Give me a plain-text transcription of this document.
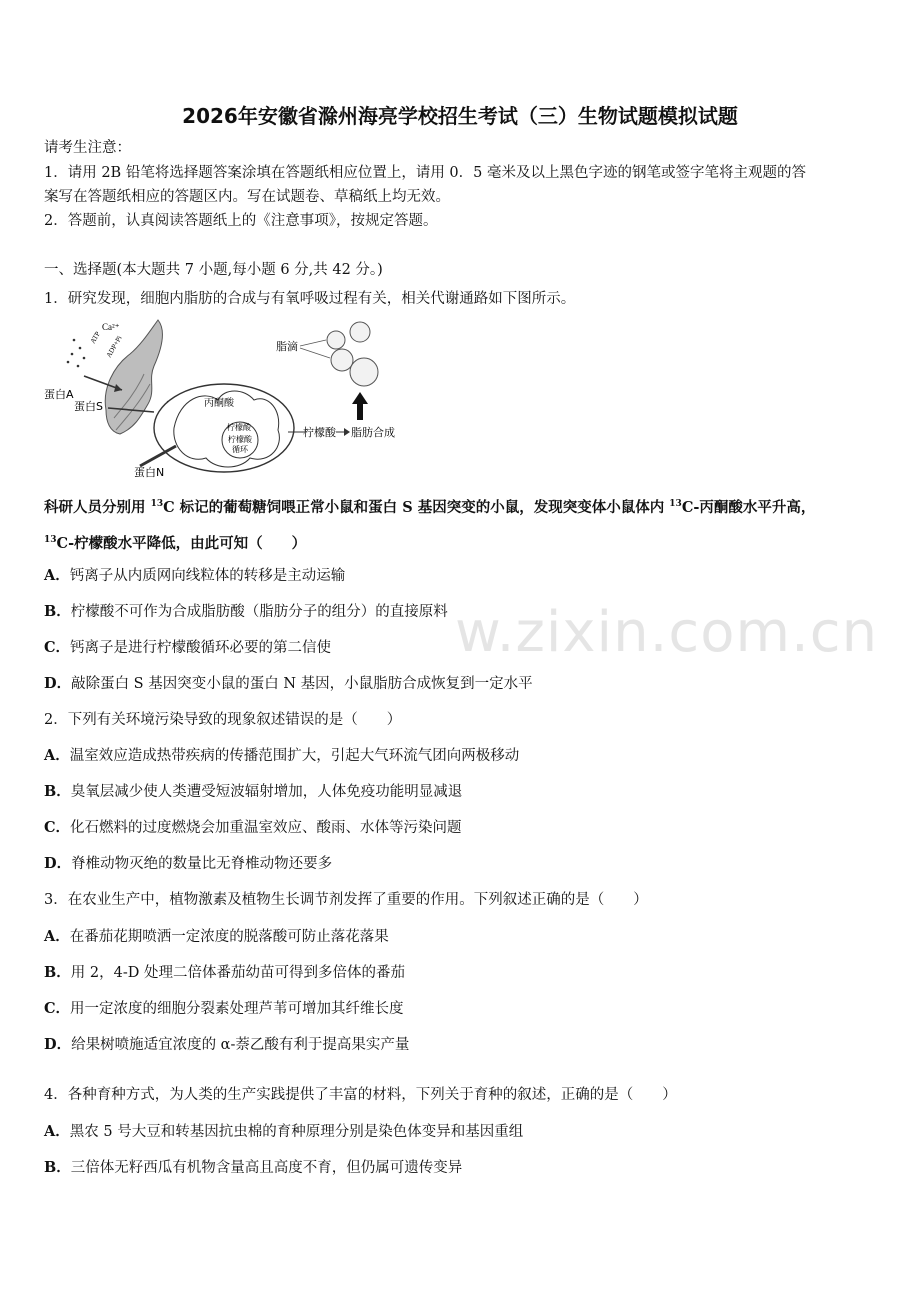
2026年安徽省滁州海亮学校招生考试（三）生物试题模拟试题
请考生注意：
1．请用 2B 铅笔将选择题答案涂填在答题纸相应位置上，请用 0．5 毫米及以上黑色字迹的钢笔或签字笔将主观题的答
案写在答题纸相应的答题区内。写在试题卷、草稿纸上均无效。
2．答题前，认真阅读答题纸上的《注意事项》，按规定答题。
一、选择题(本大题共 7 小题,每小题 6 分,共 42 分。)
1．研究发现，细胞内脂肪的合成与有氧呼吸过程有关，相关代谢通路如下图所示。
Ca²⁺
ATP ADP+Pi
蛋白A
蛋白S
蛋白N
丙酮酸
柠檬酸
柠檬酸
循环
柠檬酸 脂肪合成
脂滴
科研人员分别用 $^{13}$C 标记的葡萄糖饲喂正常小鼠和蛋白 S 基因突变的小鼠，发现突变体小鼠体内 $^{13}$C-丙酮酸水平升高，
$^{13}$C-柠檬酸水平降低，由此可知（　　）
A．钙离子从内质网向线粒体的转移是主动运输
B．柠檬酸不可作为合成脂肪酸（脂肪分子的组分）的直接原料
C．钙离子是进行柠檬酸循环必要的第二信使
D．敲除蛋白 S 基因突变小鼠的蛋白 N 基因，小鼠脂肪合成恢复到一定水平
2．下列有关环境污染导致的现象叙述错误的是（　　）
A．温室效应造成热带疾病的传播范围扩大，引起大气环流气团向两极移动
B．臭氧层减少使人类遭受短波辐射增加，人体免疫功能明显减退
C．化石燃料的过度燃烧会加重温室效应、酸雨、水体等污染问题
D．脊椎动物灭绝的数量比无脊椎动物还要多
3．在农业生产中，植物激素及植物生长调节剂发挥了重要的作用。下列叙述正确的是（　　）
A．在番茄花期喷洒一定浓度的脱落酸可防止落花落果
B．用 2，4-D 处理二倍体番茄幼苗可得到多倍体的番茄
C．用一定浓度的细胞分裂素处理芦苇可增加其纤维长度
D．给果树喷施适宜浓度的 α-萘乙酸有利于提高果实产量
4．各种育种方式，为人类的生产实践提供了丰富的材料，下列关于育种的叙述，正确的是（　　）
A．黑农 5 号大豆和转基因抗虫棉的育种原理分别是染色体变异和基因重组
B．三倍体无籽西瓜有机物含量高且高度不育，但仍属可遗传变异
w.zixin.com.cn
